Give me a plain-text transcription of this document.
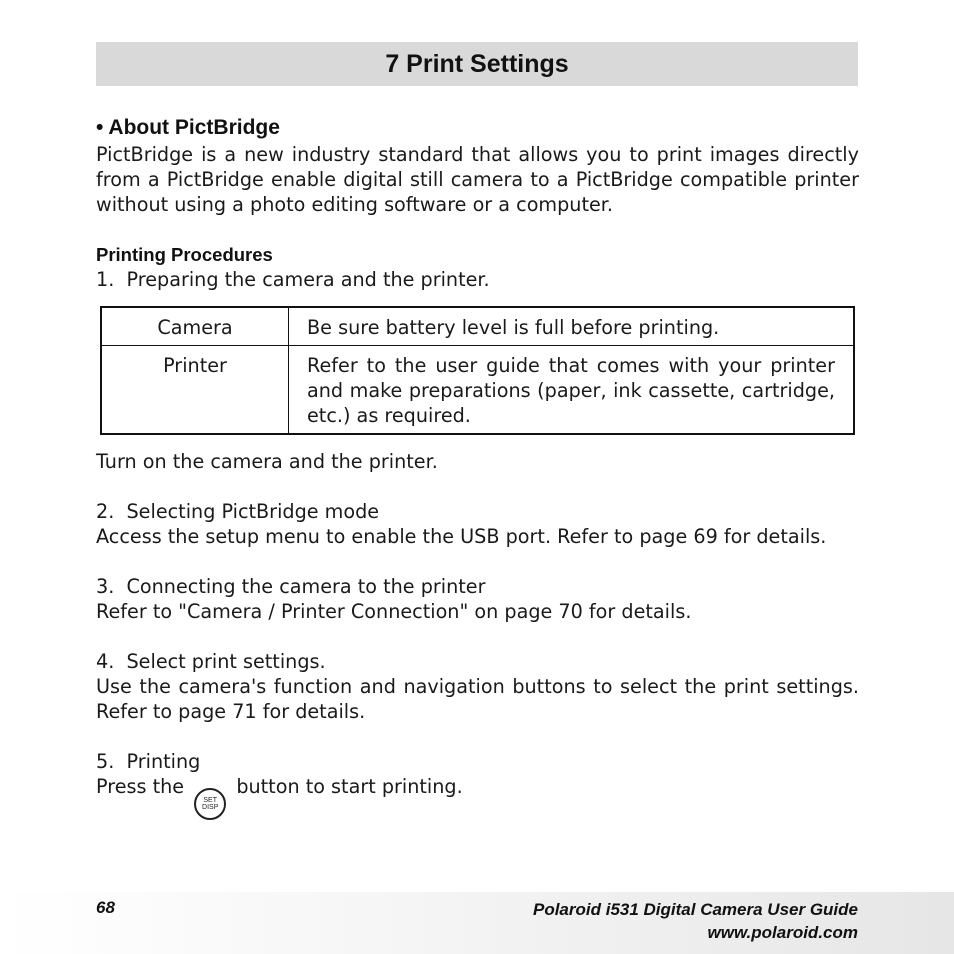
7 Print Settings
• About PictBridge

PictBridge is a new industry standard that allows you to print images directly from a PictBridge enable digital still camera to a PictBridge compatible printer without using a photo editing software or a computer.

Printing Procedures

1.  Preparing the camera and the printer.

Camera	Be sure battery level is full before printing.
Printer	Refer to the user guide that comes with your printer and make preparations (paper, ink cassette, cartridge, etc.) as required.

Turn on the camera and the printer.

2.  Selecting PictBridge mode

Access the setup menu to enable the USB port. Refer to page 69 for details.

3.  Connecting the camera to the printer

Refer to "Camera / Printer Connection" on page 70 for details.

4.  Select print settings.

Use the camera's function and navigation buttons to select the print settings. Refer to page 71 for details.

5.  Printing

Press the
SET
DISP
button to start printing.

68	Polaroid i531 Digital Camera User Guide
www.polaroid.com
